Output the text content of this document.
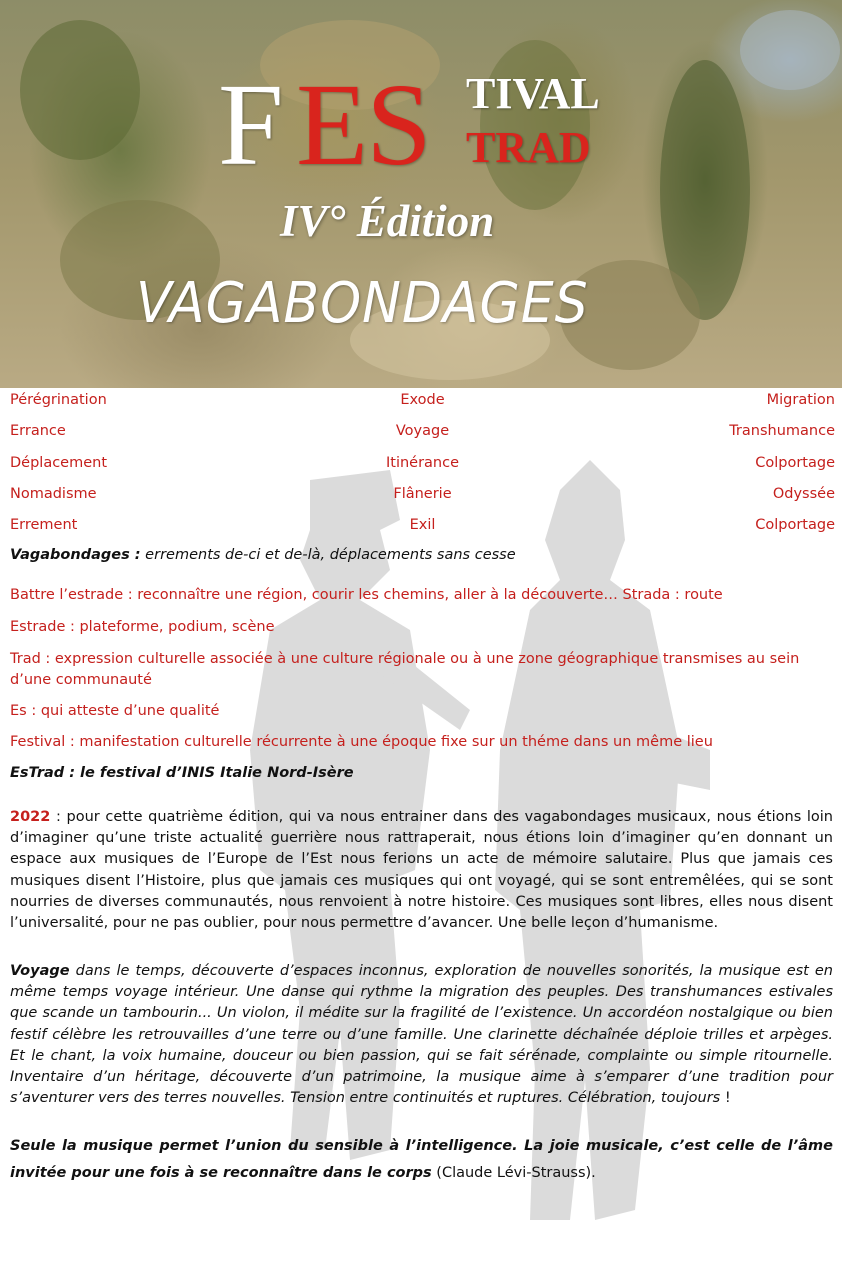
F ES TIVAL
TRAD
IV° Édition
VAGABONDAGES
Pérégrination	Exode	Migration
Errance	Voyage	Transhumance
Déplacement	Itinérance	Colportage
Nomadisme	Flânerie	Odyssée
Errement	Exil	Colportage
Vagabondages : errements de-ci et de-là, déplacements sans cesse
Battre l’estrade : reconnaître une région, courir les chemins, aller à la découverte… Strada : route
Estrade : plateforme, podium, scène
Trad : expression culturelle associée à une culture régionale ou à une zone géographique transmises au sein
d’une communauté
Es : qui atteste d’une qualité
Festival : manifestation culturelle récurrente à une époque fixe sur un théme dans un même lieu
EsTrad : le festival d’INIS Italie Nord-Isère
2022 : pour cette quatrième édition, qui va nous entrainer dans des vagabondages musicaux, nous étions loin d’imaginer qu’une triste actualité guerrière nous rattraperait, nous étions loin d’imaginer qu’en donnant un espace aux musiques de l’Europe de l’Est nous ferions un acte de mémoire salutaire. Plus que jamais ces musiques disent l’Histoire, plus que jamais ces musiques qui ont voyagé, qui se sont entremêlées, qui se sont nourries de diverses communautés, nous renvoient à notre histoire. Ces musiques sont libres, elles nous disent l’universalité, pour ne pas oublier, pour nous permettre d’avancer. Une belle leçon d’humanisme.
Voyage dans le temps, découverte d’espaces inconnus, exploration de nouvelles sonorités, la musique est en même temps voyage intérieur. Une danse qui rythme la migration des peuples. Des transhumances estivales que scande un tambourin... Un violon, il médite sur la fragilité de l’existence. Un accordéon nostalgique ou bien festif célèbre les retrouvailles d’une terre ou d’une famille. Une clarinette déchaînée déploie trilles et arpèges. Et le chant, la voix humaine, douceur ou bien passion, qui se fait sérénade, complainte ou simple ritournelle. Inventaire d’un héritage, découverte d’un patrimoine, la musique aime à s’emparer d’une tradition pour s’aventurer vers des terres nouvelles. Tension entre continuités et ruptures. Célébration, toujours !
Seule la musique permet l’union du sensible à l’intelligence. La joie musicale, c’est celle de l’âme invitée pour une fois à se reconnaître dans le corps (Claude Lévi-Strauss).
